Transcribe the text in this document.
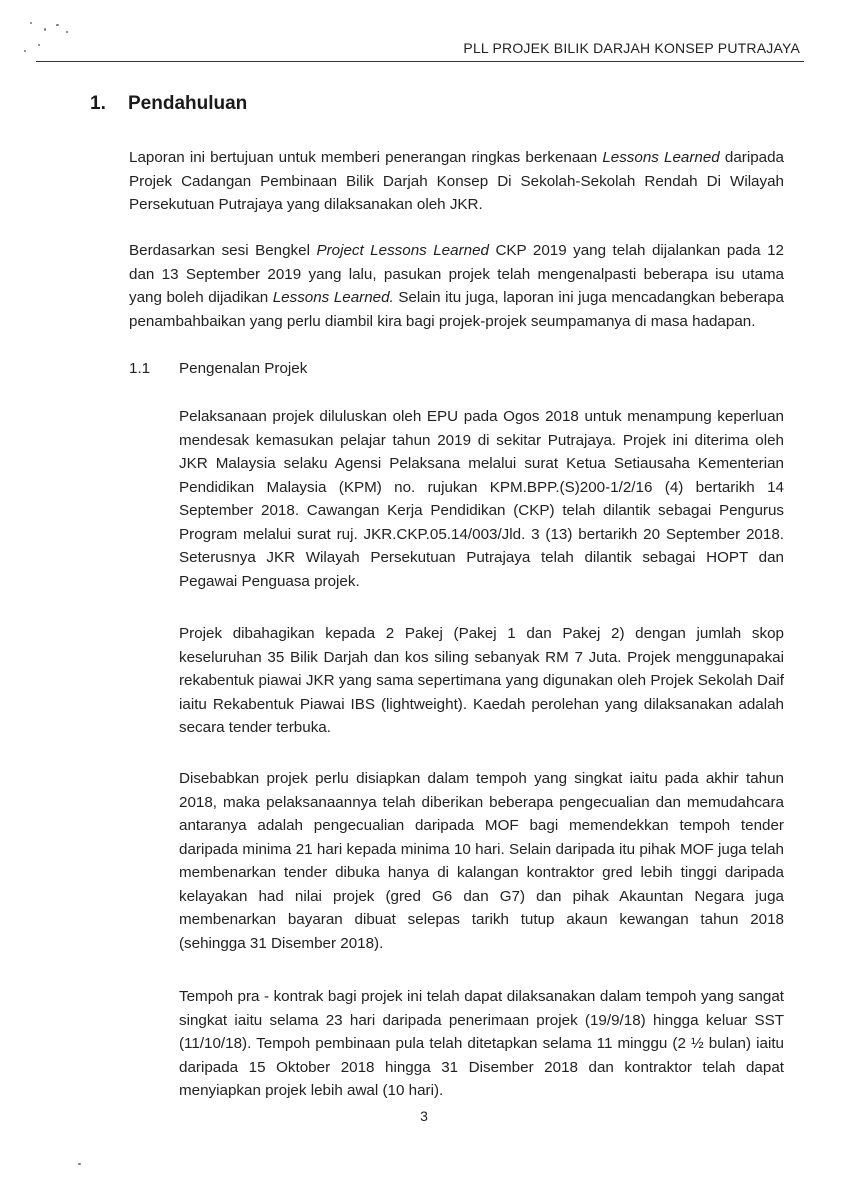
PLL PROJEK BILIK DARJAH KONSEP PUTRAJAYA
1. Pendahuluan

Laporan ini bertujuan untuk memberi penerangan ringkas berkenaan Lessons Learned daripada Projek Cadangan Pembinaan Bilik Darjah Konsep Di Sekolah-Sekolah Rendah Di Wilayah Persekutuan Putrajaya yang dilaksanakan oleh JKR.

Berdasarkan sesi Bengkel Project Lessons Learned CKP 2019 yang telah dijalankan pada 12 dan 13 September 2019 yang lalu, pasukan projek telah mengenalpasti beberapa isu utama yang boleh dijadikan Lessons Learned. Selain itu juga, laporan ini juga mencadangkan beberapa penambahbaikan yang perlu diambil kira bagi projek-projek seumpamanya di masa hadapan.

1.1 Pengenalan Projek

Pelaksanaan projek diluluskan oleh EPU pada Ogos 2018 untuk menampung keperluan mendesak kemasukan pelajar tahun 2019 di sekitar Putrajaya. Projek ini diterima oleh JKR Malaysia selaku Agensi Pelaksana melalui surat Ketua Setiausaha Kementerian Pendidikan Malaysia (KPM) no. rujukan KPM.BPP.(S)200-1/2/16 (4) bertarikh 14 September 2018. Cawangan Kerja Pendidikan (CKP) telah dilantik sebagai Pengurus Program melalui surat ruj. JKR.CKP.05.14/003/Jld. 3 (13) bertarikh 20 September 2018. Seterusnya JKR Wilayah Persekutuan Putrajaya telah dilantik sebagai HOPT dan Pegawai Penguasa projek.

Projek dibahagikan kepada 2 Pakej (Pakej 1 dan Pakej 2) dengan jumlah skop keseluruhan 35 Bilik Darjah dan kos siling sebanyak RM 7 Juta. Projek menggunapakai rekabentuk piawai JKR yang sama sepertimana yang digunakan oleh Projek Sekolah Daif iaitu Rekabentuk Piawai IBS (lightweight). Kaedah perolehan yang dilaksanakan adalah secara tender terbuka.

Disebabkan projek perlu disiapkan dalam tempoh yang singkat iaitu pada akhir tahun 2018, maka pelaksanaannya telah diberikan beberapa pengecualian dan memudahcara antaranya adalah pengecualian daripada MOF bagi memendekkan tempoh tender daripada minima 21 hari kepada minima 10 hari. Selain daripada itu pihak MOF juga telah membenarkan tender dibuka hanya di kalangan kontraktor gred lebih tinggi daripada kelayakan had nilai projek (gred G6 dan G7) dan pihak Akauntan Negara juga membenarkan bayaran dibuat selepas tarikh tutup akaun kewangan tahun 2018 (sehingga 31 Disember 2018).

Tempoh pra - kontrak bagi projek ini telah dapat dilaksanakan dalam tempoh yang sangat singkat iaitu selama 23 hari daripada penerimaan projek (19/9/18) hingga keluar SST (11/10/18). Tempoh pembinaan pula telah ditetapkan selama 11 minggu (2 ½ bulan) iaitu daripada 15 Oktober 2018 hingga 31 Disember 2018 dan kontraktor telah dapat menyiapkan projek lebih awal (10 hari).

3
